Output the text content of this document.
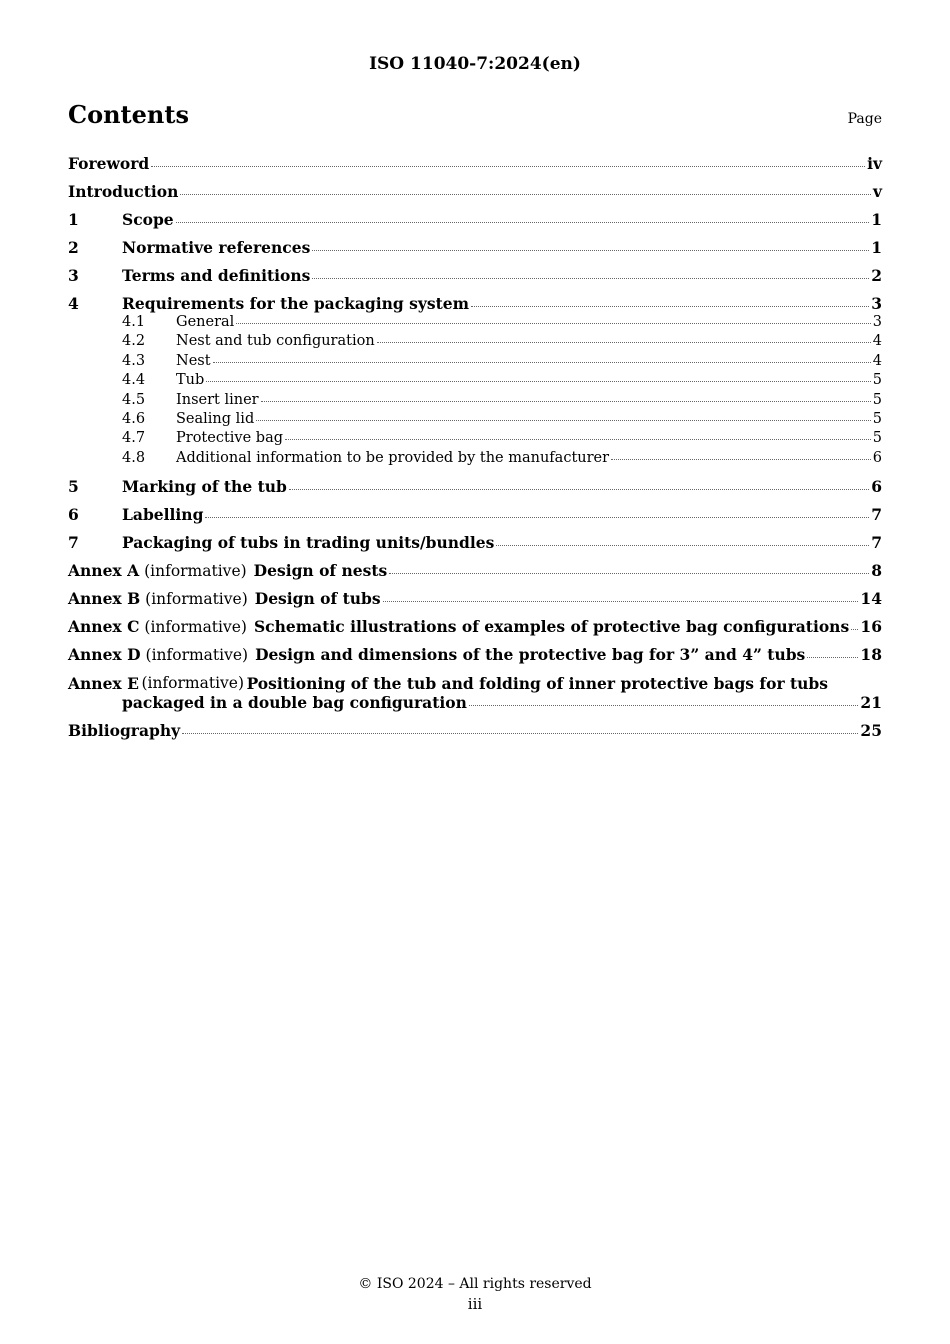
ISO 11040-7:2024(en)
Contents	Page
Foreword	iv
Introduction	v
1	Scope	1
2	Normative references	1
3	Terms and definitions	2
4	Requirements for the packaging system	3
4.1	General	3
4.2	Nest and tub configuration	4
4.3	Nest	4
4.4	Tub	5
4.5	Insert liner	5
4.6	Sealing lid	5
4.7	Protective bag	5
4.8	Additional information to be provided by the manufacturer	6
5	Marking of the tub	6
6	Labelling	7
7	Packaging of tubs in trading units/bundles	7
Annex A (informative) Design of nests	8
Annex B (informative) Design of tubs	14
Annex C (informative) Schematic illustrations of examples of protective bag configurations 16
Annex D (informative) Design and dimensions of the protective bag for 3” and 4” tubs	18
Annex E (informative) Positioning of the tub and folding of inner protective bags for tubs
packaged in a double bag configuration	21
Bibliography	25
© ISO 2024 – All rights reserved
iii
